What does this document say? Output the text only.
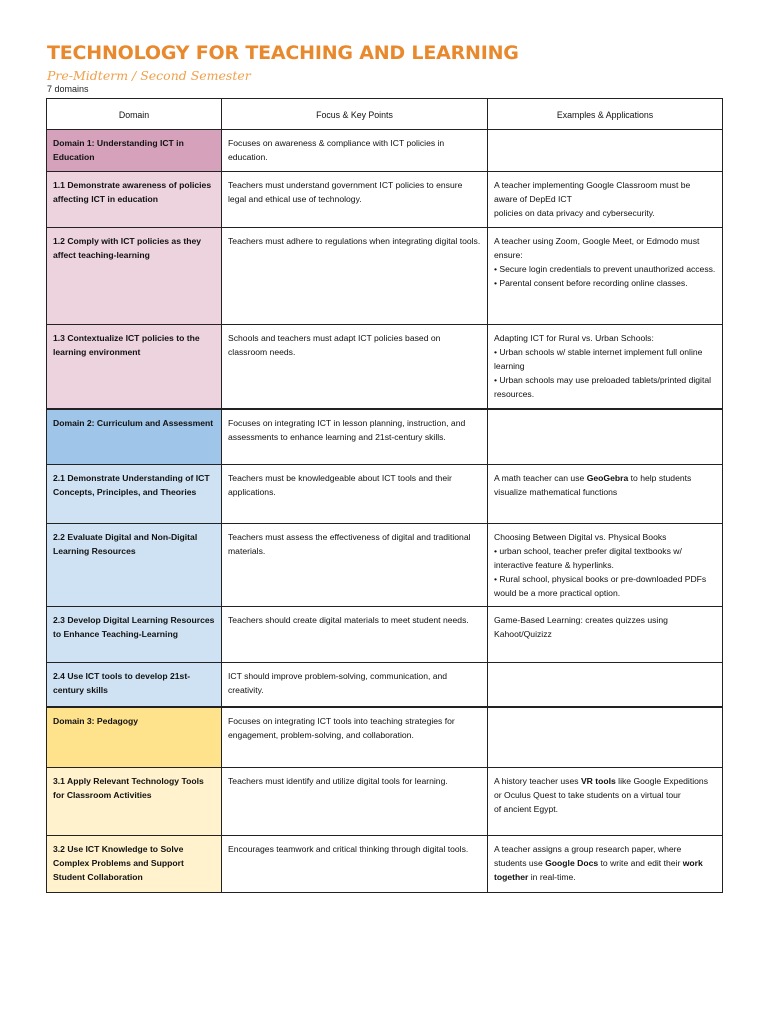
TECHNOLOGY FOR TEACHING AND LEARNING
Pre-Midterm / Second Semester
7 domains
Domain	Focus & Key Points	Examples & Applications
Domain 1: Understanding ICT in Education	Focuses on awareness & compliance with ICT policies in education.	
1.1 Demonstrate awareness of policies affecting ICT in education	Teachers must understand government ICT policies to ensure legal and ethical use of technology.	A teacher implementing Google Classroom must be aware of DepEd ICT
policies on data privacy and cybersecurity.

1.2 Comply with ICT policies as they affect teaching-learning	Teachers must adhere to regulations when integrating digital tools.	A teacher using Zoom, Google Meet, or Edmodo must ensure:
• Secure login credentials to prevent unauthorized access.
• Parental consent before recording online classes.

1.3 Contextualize ICT policies to the learning environment	Schools and teachers must adapt ICT policies based on classroom needs.	Adapting ICT for Rural vs. Urban Schools:
• Urban schools w/ stable internet implement full online learning
• Urban schools may use preloaded tablets/printed digital resources.

Domain 2: Curriculum and Assessment	Focuses on integrating ICT in lesson planning, instruction, and assessments to enhance learning and 21st-century skills.	
2.1 Demonstrate Understanding of ICT Concepts, Principles, and Theories	Teachers must be knowledgeable about ICT tools and their applications.	A math teacher can use GeoGebra to help students visualize mathematical functions
2.2 Evaluate Digital and Non-Digital Learning Resources	Teachers must assess the effectiveness of digital and traditional materials.	Choosing Between Digital vs. Physical Books
• urban school, teacher prefer digital textbooks w/ interactive feature & hyperlinks.
• Rural school, physical books or pre-downloaded PDFs would be a more practical option.

2.3 Develop Digital Learning Resources to Enhance Teaching-Learning	Teachers should create digital materials to meet student needs.	Game-Based Learning: creates quizzes using Kahoot/Quizizz
2.4 Use ICT tools to develop 21st-century skills	ICT should improve problem-solving, communication, and creativity.	
Domain 3: Pedagogy	Focuses on integrating ICT tools into teaching strategies for engagement, problem-solving, and collaboration.	
3.1 Apply Relevant Technology Tools for Classroom Activities	Teachers must identify and utilize digital tools for learning.	A history teacher uses VR tools like Google Expeditions or Oculus Quest to take students on a virtual tour
of ancient Egypt.

3.2 Use ICT Knowledge to Solve Complex Problems and Support Student Collaboration	Encourages teamwork and critical thinking through digital tools.	A teacher assigns a group research paper, where students use Google Docs to write and edit their work together in real-time.
